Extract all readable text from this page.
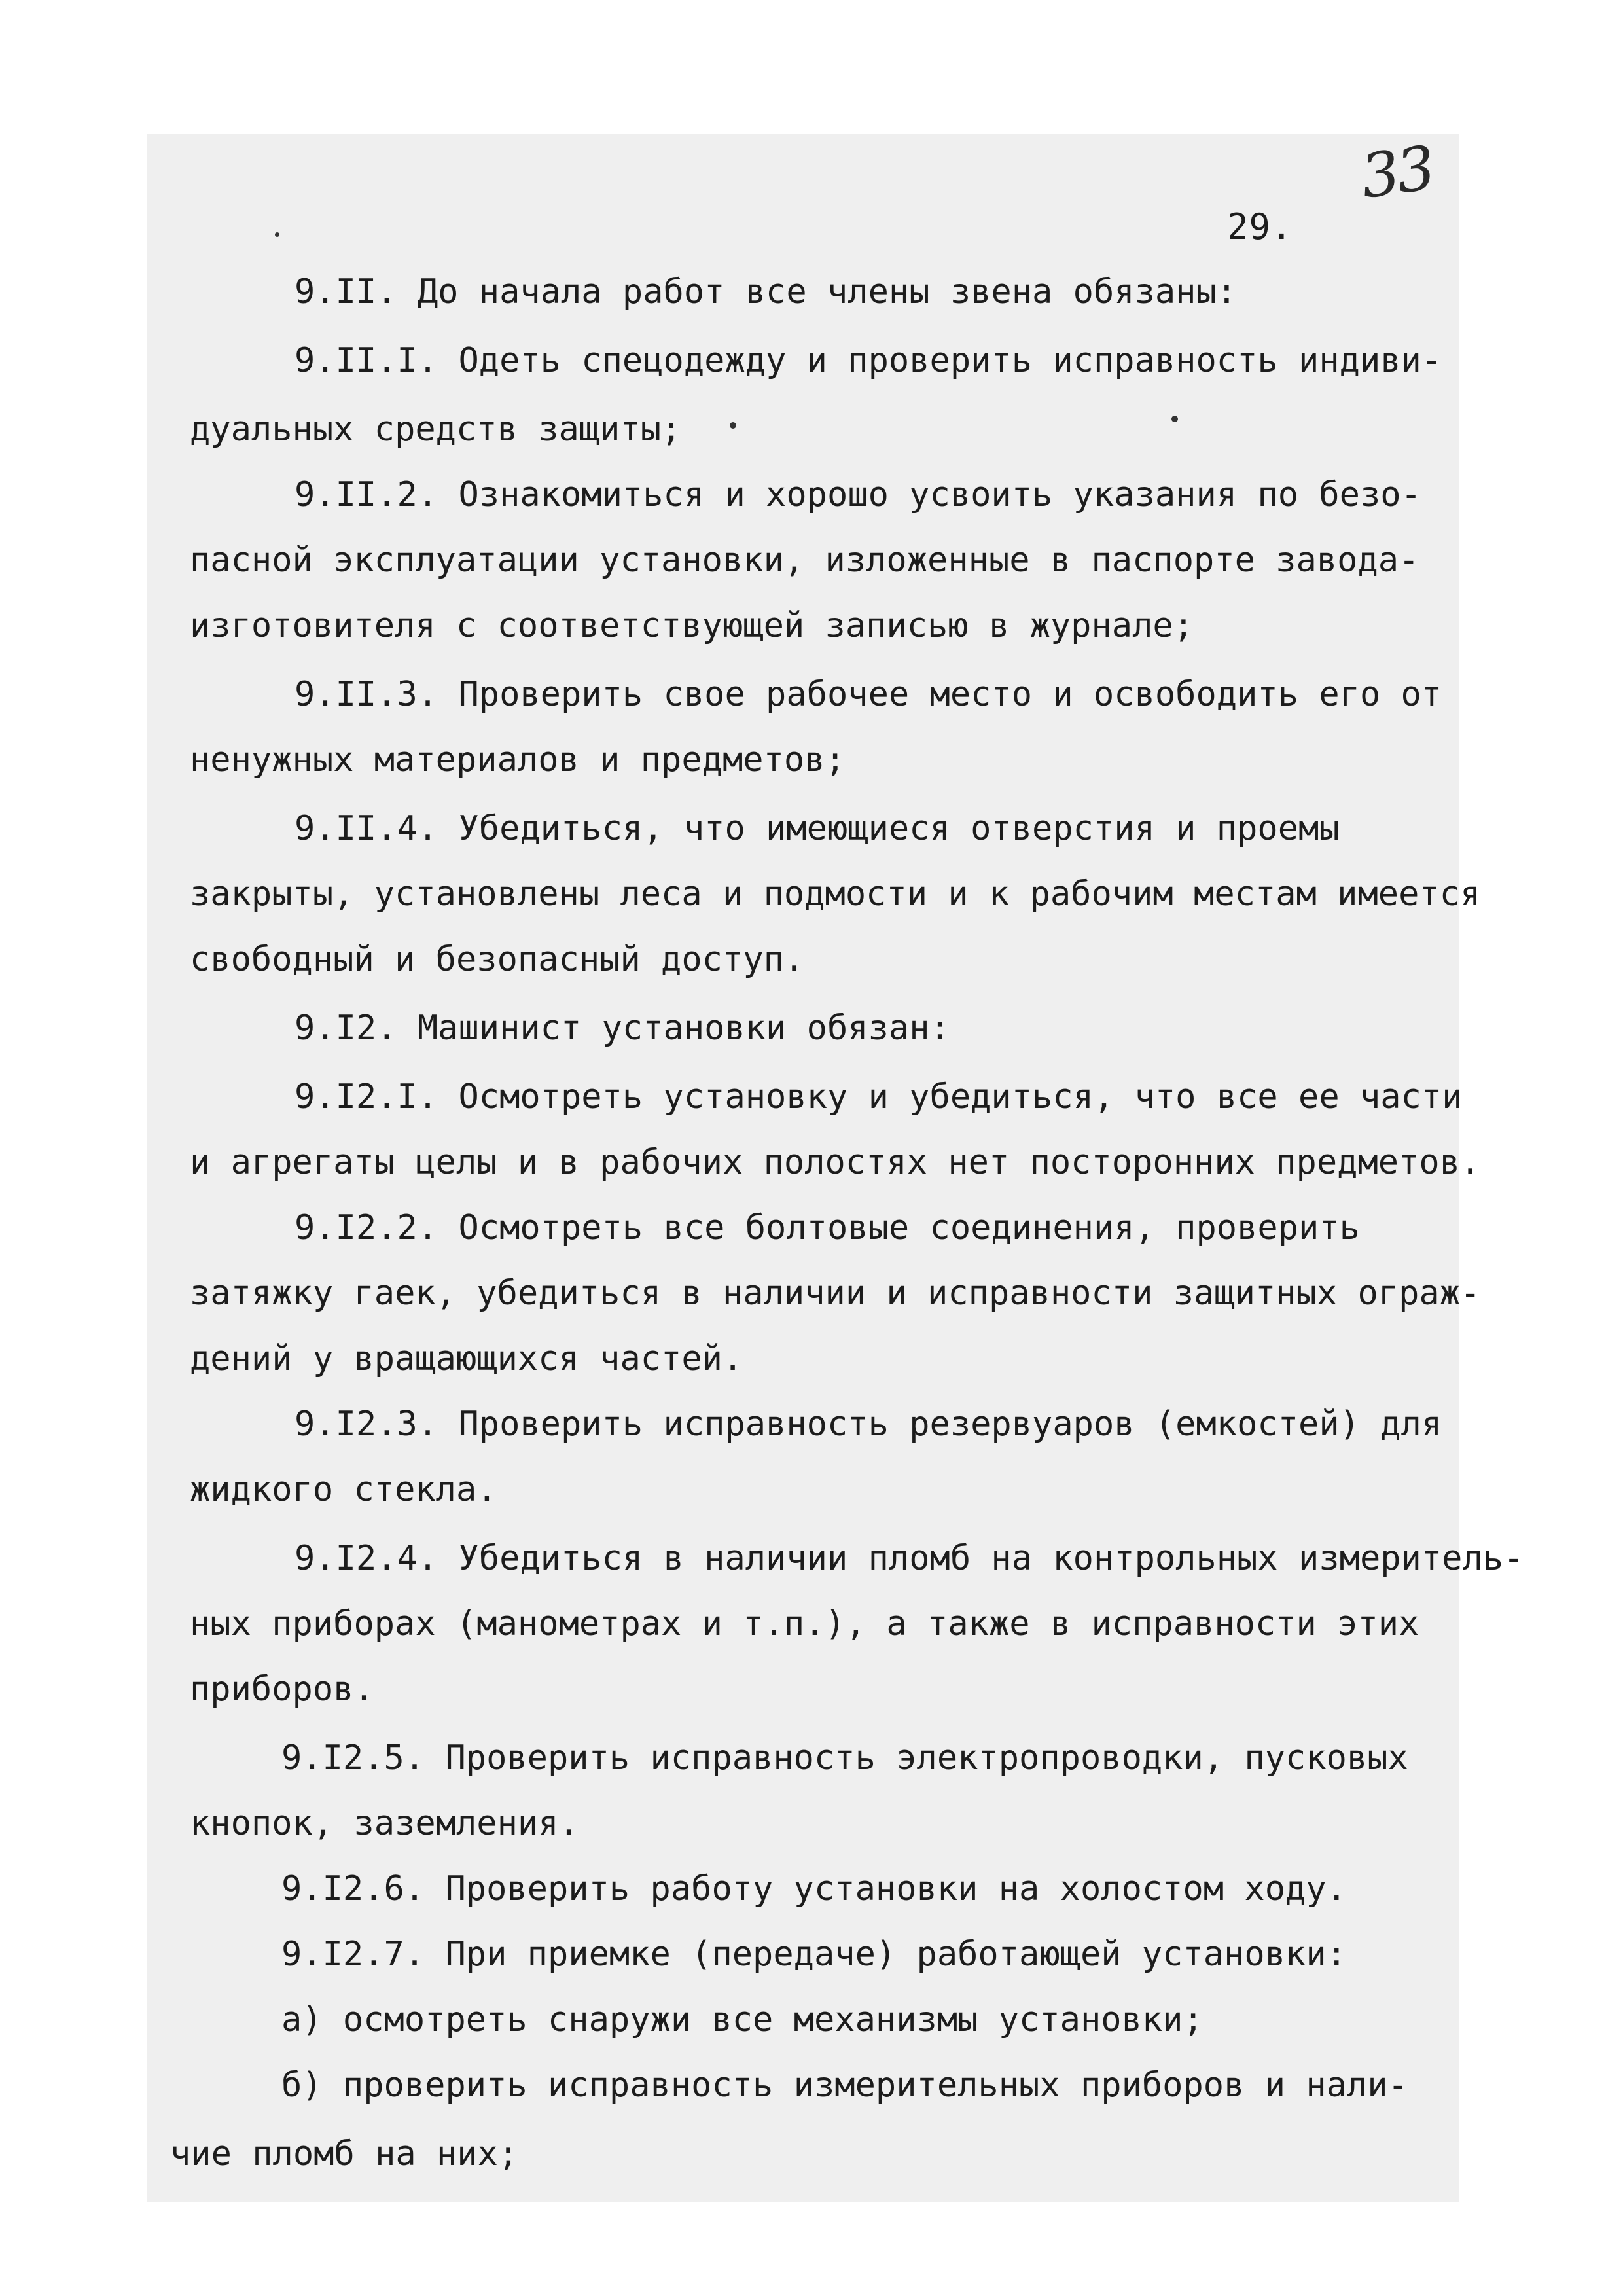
33
29.
9.II. До начала работ все члены звена обязаны:
9.II.I. Одеть спецодежду и проверить исправность индиви-
дуальных средств защиты;
9.II.2. Ознакомиться и хорошо усвоить указания по безо-
пасной эксплуатации установки, изложенные в паспорте завода-
изготовителя с соответствующей записью в журнале;
9.II.3. Проверить свое рабочее место и освободить его от
ненужных материалов и предметов;
9.II.4. Убедиться, что имеющиеся отверстия и проемы
закрыты, установлены леса и подмости и к рабочим местам имеется
свободный и безопасный доступ.
9.I2. Машинист установки обязан:
9.I2.I. Осмотреть установку и убедиться, что все ее части
и агрегаты целы и в рабочих полостях нет посторонних предметов.
9.I2.2. Осмотреть все болтовые соединения, проверить
затяжку гаек, убедиться в наличии и исправности защитных ограж-
дений у вращающихся частей.
9.I2.3. Проверить исправность резервуаров (емкостей) для
жидкого стекла.
9.I2.4. Убедиться в наличии пломб на контрольных измеритель-
ных приборах (манометрах и т.п.), а также в исправности этих
приборов.
9.I2.5. Проверить исправность электропроводки, пусковых
кнопок, заземления.
9.I2.6. Проверить работу установки на холостом ходу.
9.I2.7. При приемке (передаче) работающей установки:
а) осмотреть снаружи все механизмы установки;
б) проверить исправность измерительных приборов и нали-
чие пломб на них;
